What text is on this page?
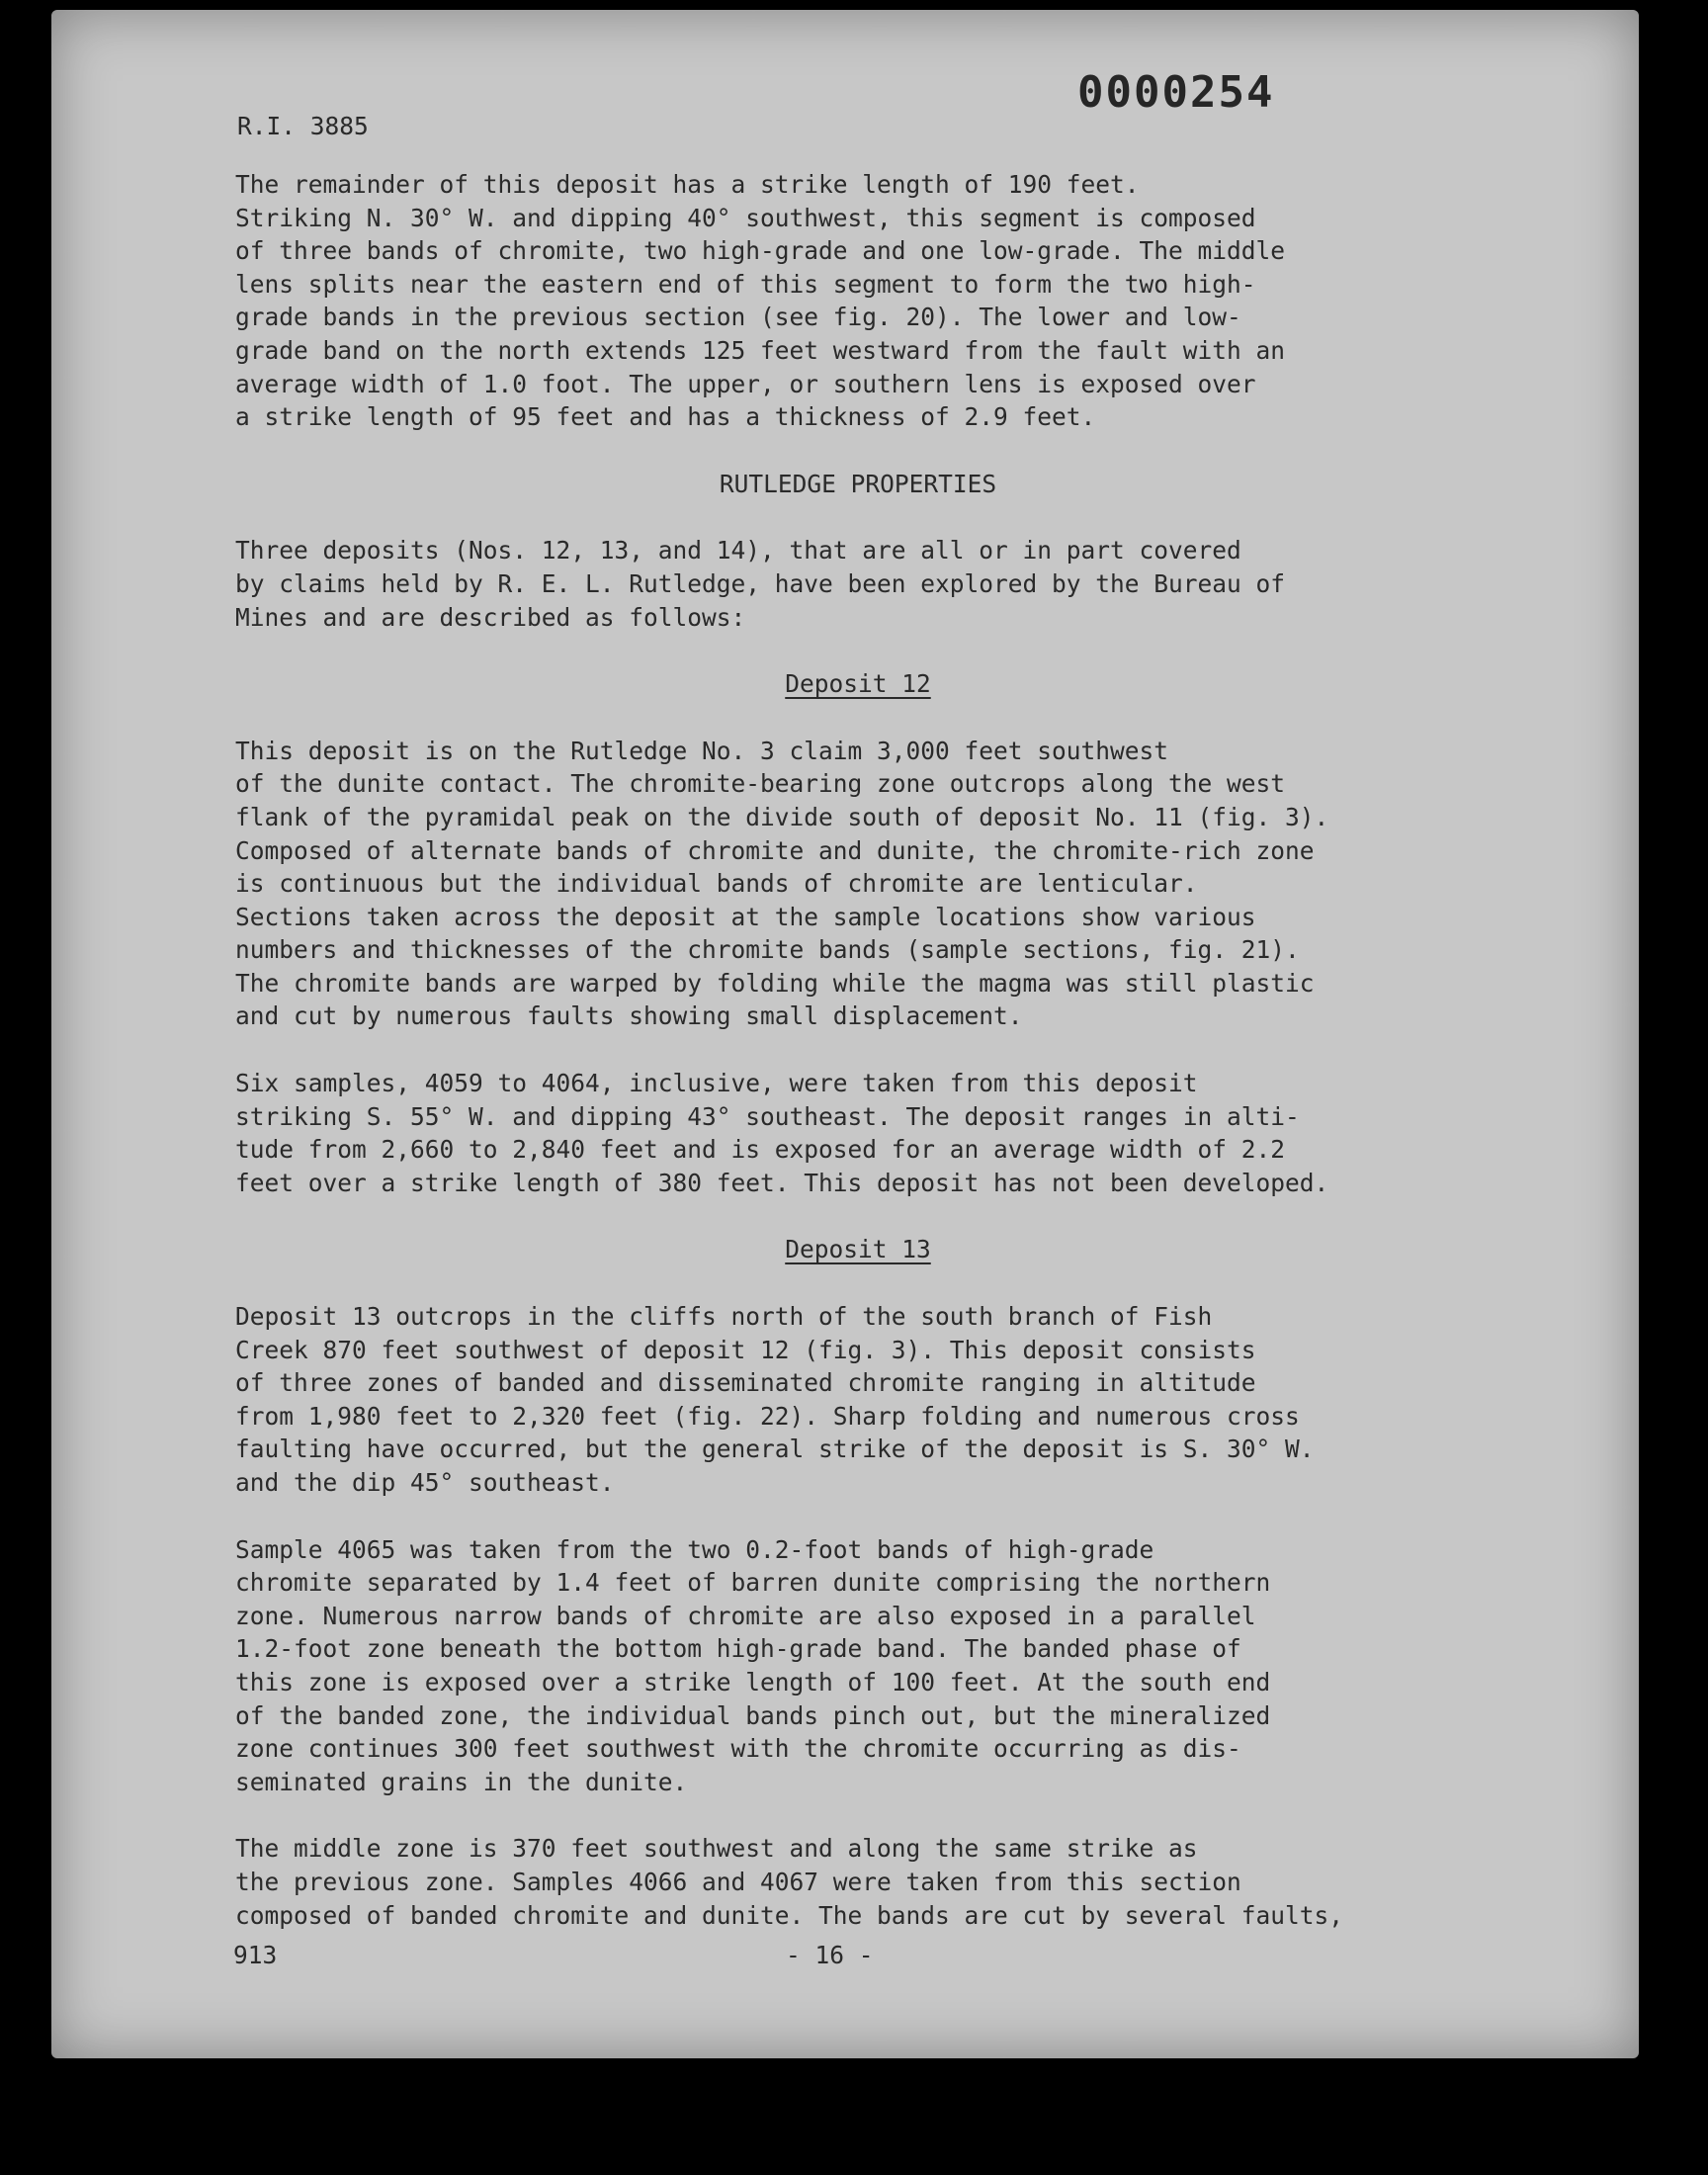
R.I. 3885
0000254

The remainder of this deposit has a strike length of 190 feet.
Striking N. 30° W. and dipping 40° southwest, this segment is composed
of three bands of chromite, two high-grade and one low-grade. The middle
lens splits near the eastern end of this segment to form the two high-
grade bands in the previous section (see fig. 20). The lower and low-
grade band on the north extends 125 feet westward from the fault with an
average width of 1.0 foot. The upper, or southern lens is exposed over
a strike length of 95 feet and has a thickness of 2.9 feet.

RUTLEDGE PROPERTIES

Three deposits (Nos. 12, 13, and 14), that are all or in part covered
by claims held by R. E. L. Rutledge, have been explored by the Bureau of
Mines and are described as follows:

Deposit 12

This deposit is on the Rutledge No. 3 claim 3,000 feet southwest
of the dunite contact. The chromite-bearing zone outcrops along the west
flank of the pyramidal peak on the divide south of deposit No. 11 (fig. 3).
Composed of alternate bands of chromite and dunite, the chromite-rich zone
is continuous but the individual bands of chromite are lenticular.
Sections taken across the deposit at the sample locations show various
numbers and thicknesses of the chromite bands (sample sections, fig. 21).
The chromite bands are warped by folding while the magma was still plastic
and cut by numerous faults showing small displacement.

Six samples, 4059 to 4064, inclusive, were taken from this deposit
striking S. 55° W. and dipping 43° southeast. The deposit ranges in alti-
tude from 2,660 to 2,840 feet and is exposed for an average width of 2.2
feet over a strike length of 380 feet. This deposit has not been developed.

Deposit 13

Deposit 13 outcrops in the cliffs north of the south branch of Fish
Creek 870 feet southwest of deposit 12 (fig. 3). This deposit consists
of three zones of banded and disseminated chromite ranging in altitude
from 1,980 feet to 2,320 feet (fig. 22). Sharp folding and numerous cross
faulting have occurred, but the general strike of the deposit is S. 30° W.
and the dip 45° southeast.

Sample 4065 was taken from the two 0.2-foot bands of high-grade
chromite separated by 1.4 feet of barren dunite comprising the northern
zone. Numerous narrow bands of chromite are also exposed in a parallel
1.2-foot zone beneath the bottom high-grade band. The banded phase of
this zone is exposed over a strike length of 100 feet. At the south end
of the banded zone, the individual bands pinch out, but the mineralized
zone continues 300 feet southwest with the chromite occurring as dis-
seminated grains in the dunite.

The middle zone is 370 feet southwest and along the same strike as
the previous zone. Samples 4066 and 4067 were taken from this section
composed of banded chromite and dunite. The bands are cut by several faults,

913	- 16 -
